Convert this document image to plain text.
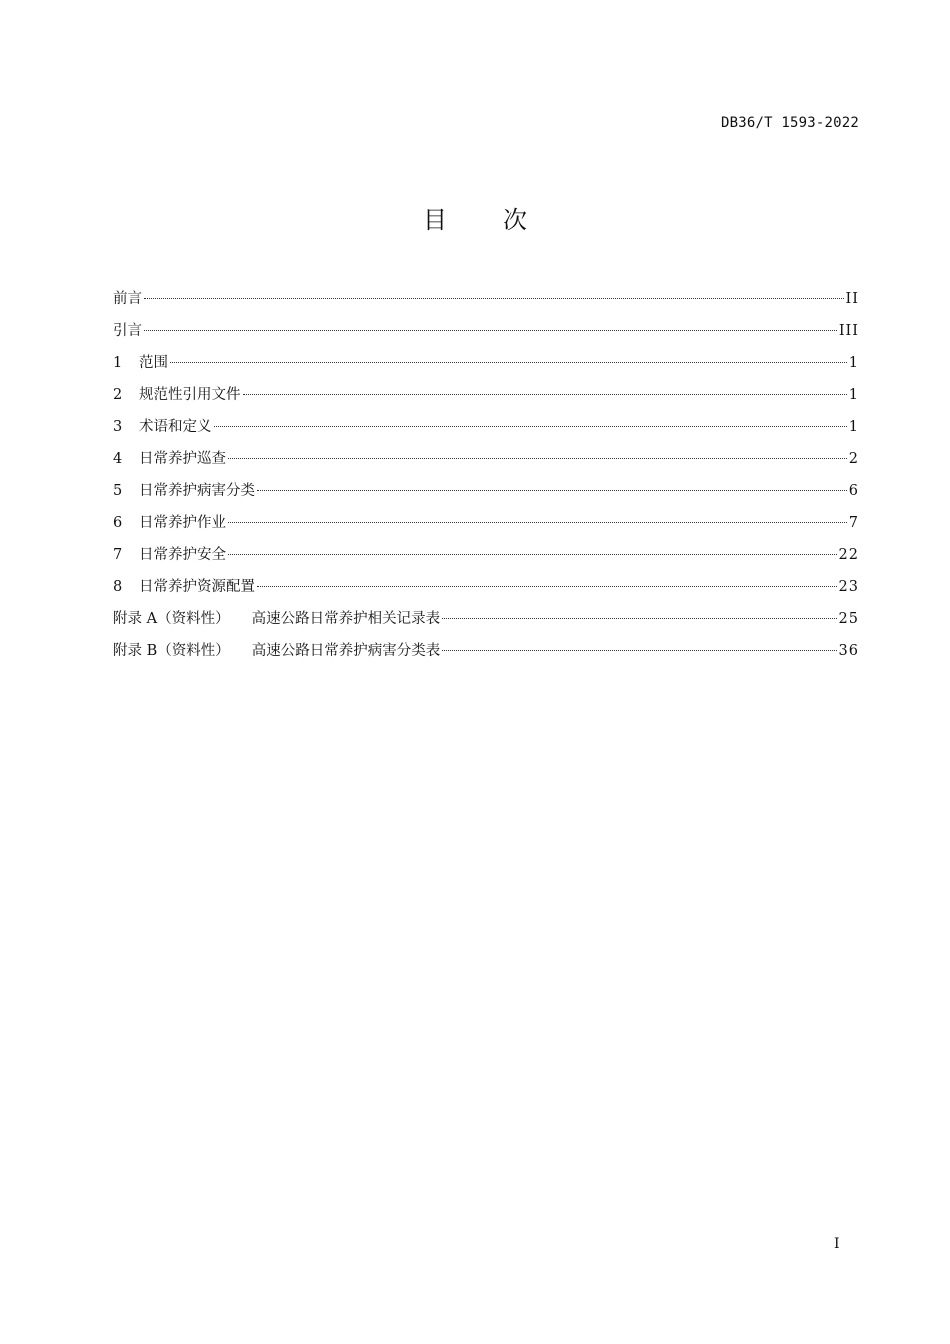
DB36/T 1593-2022
目 次
前言	II
引言	III
1	范围	1
2	规范性引用文件	1
3	术语和定义	1
4	日常养护巡查	2
5	日常养护病害分类	6
6	日常养护作业	7
7	日常养护安全	22
8	日常养护资源配置	23
附录 A（资料性） 高速公路日常养护相关记录表	25
附录 B（资料性） 高速公路日常养护病害分类表	36
I
